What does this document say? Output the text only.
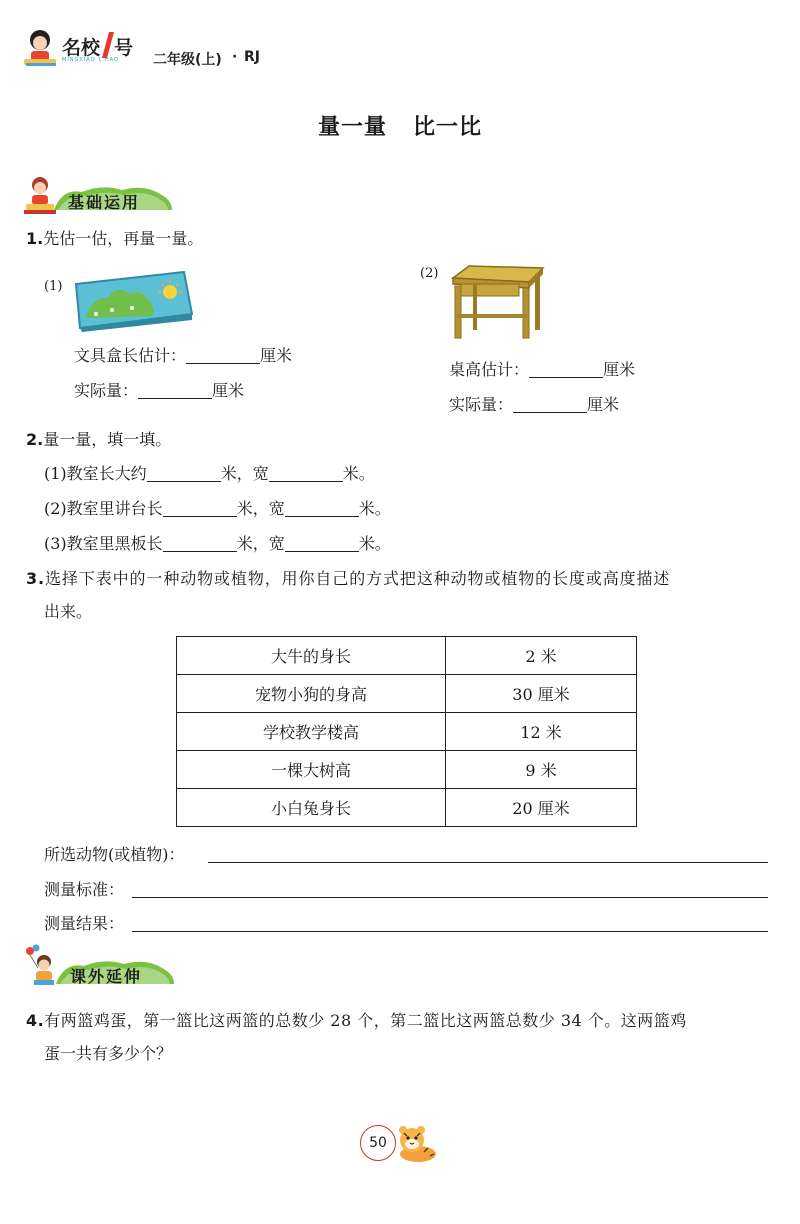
名校 号
MINGXIAO 1 HAO 二年级(上) · RJ
量一量   比一比
基础运用
1.先估一估，再量一量。
(1)
文具盒长估计：	厘米
实际量：	厘米
(2)
桌高估计：	厘米
实际量：	厘米
2.量一量，填一填。
(1)教室长大约	米，宽	米。
(2)教室里讲台长	米，宽	米。
(3)教室里黑板长	米，宽	米。
3.选择下表中的一种动物或植物，用你自己的方式把这种动物或植物的长度或高度描述
出来。
大牛的身长	2 米
宠物小狗的身高	30 厘米
学校教学楼高	12 米
一棵大树高	9 米
小白兔身长	20 厘米
所选动物(或植物)：
测量标准：
测量结果：
课外延伸
4.有两篮鸡蛋，第一篮比这两篮的总数少 28 个，第二篮比这两篮总数少 34 个。这两篮鸡
蛋一共有多少个？
50
